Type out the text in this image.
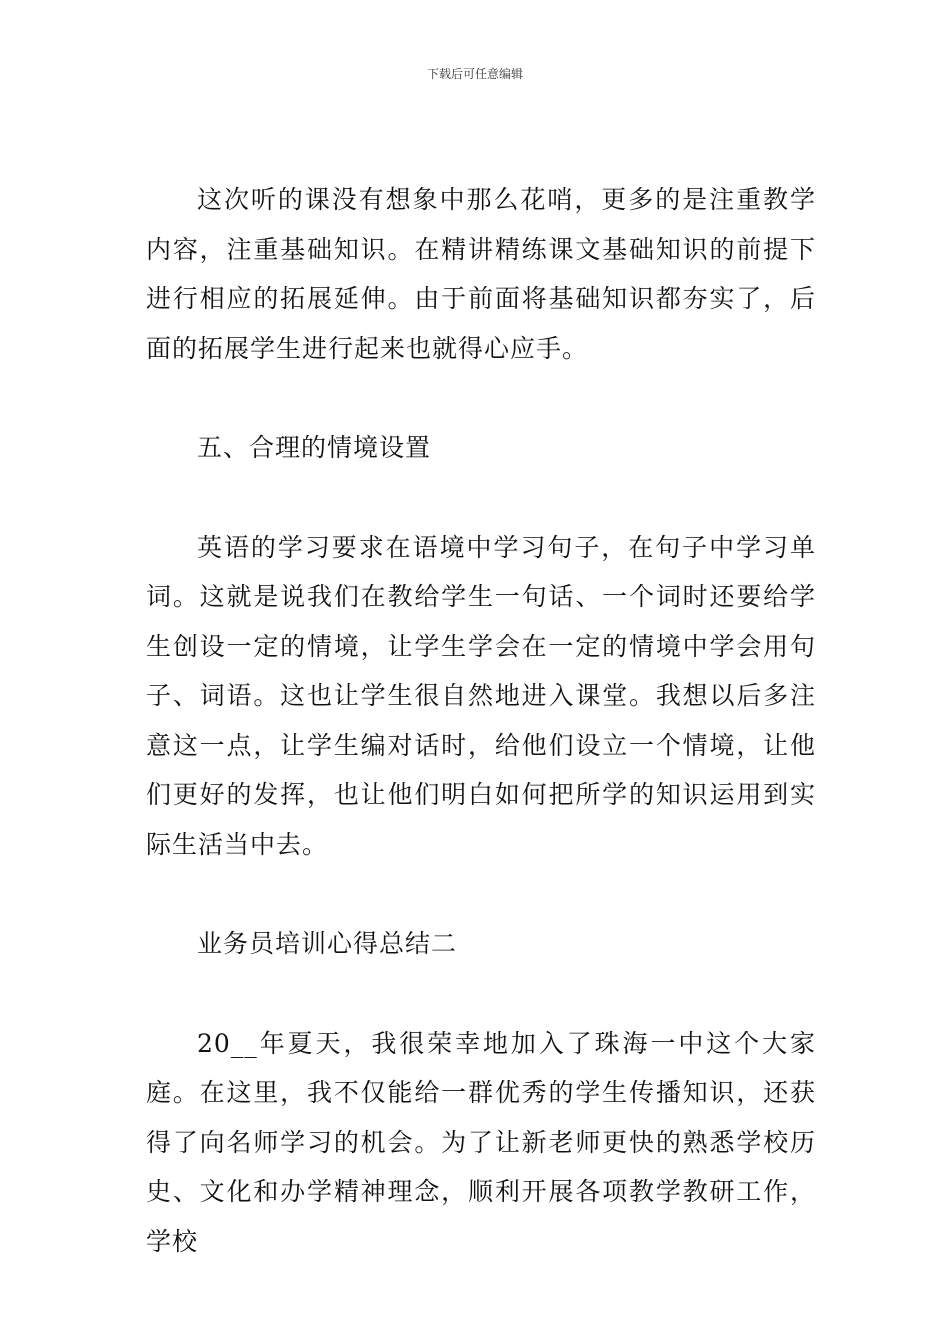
下载后可任意编辑

这次听的课没有想象中那么花哨，更多的是注重教学内容，注重基础知识。在精讲精练课文基础知识的前提下进行相应的拓展延伸。由于前面将基础知识都夯实了，后面的拓展学生进行起来也就得心应手。

五、合理的情境设置

英语的学习要求在语境中学习句子，在句子中学习单词。这就是说我们在教给学生一句话、一个词时还要给学生创设一定的情境，让学生学会在一定的情境中学会用句子、词语。这也让学生很自然地进入课堂。我想以后多注意这一点，让学生编对话时，给他们设立一个情境，让他们更好的发挥，也让他们明白如何把所学的知识运用到实际生活当中去。

业务员培训心得总结二

20__年夏天，我很荣幸地加入了珠海一中这个大家庭。在这里，我不仅能给一群优秀的学生传播知识，还获得了向名师学习的机会。为了让新老师更快的熟悉学校历史、文化和办学精神理念，顺利开展各项教学教研工作，学校
